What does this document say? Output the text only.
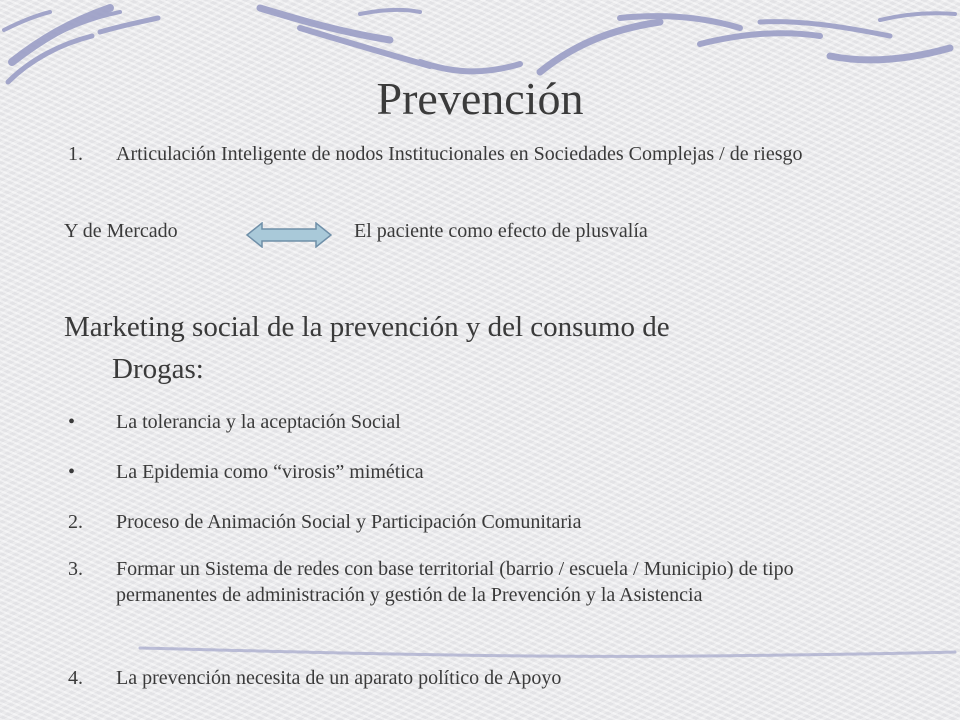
Prevención
1. Articulación Inteligente de nodos Institucionales en Sociedades Complejas / de riesgo
Y de Mercado	El paciente como efecto de plusvalía
Marketing social de la prevención y del consumo de
Drogas:
• La tolerancia y la aceptación Social
• La Epidemia como “virosis” mimética
2. Proceso de Animación Social y Participación Comunitaria
3. Formar un Sistema de redes con base territorial (barrio / escuela / Municipio) de tipo permanentes de administración y gestión de la Prevención y la Asistencia
4. La prevención necesita de un aparato político de Apoyo
